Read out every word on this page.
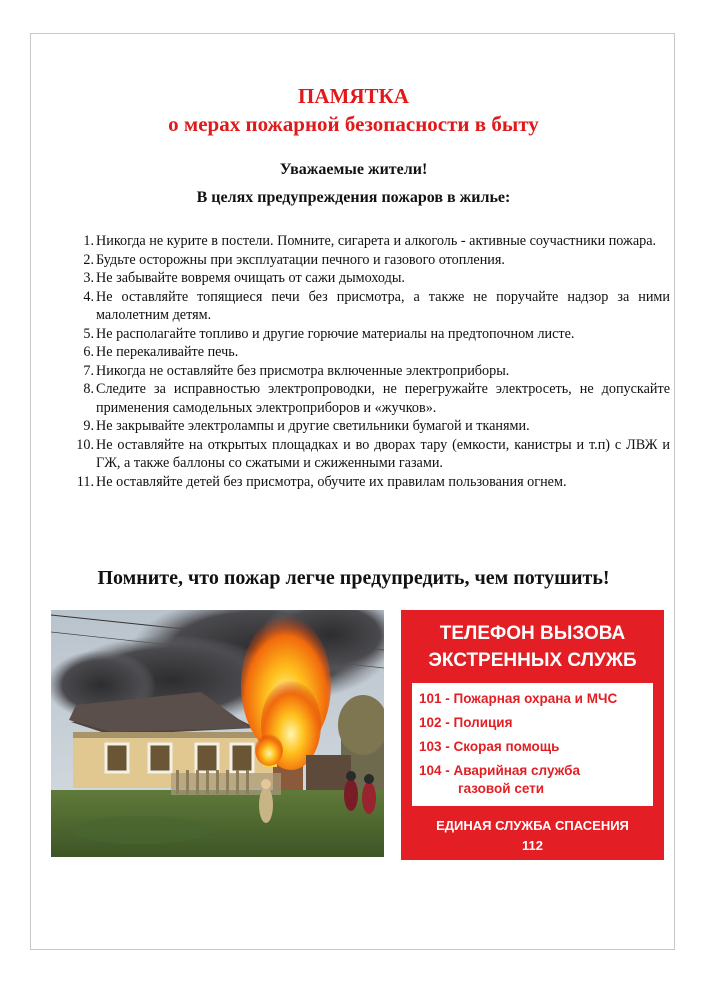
ПАМЯТКА
о мерах пожарной безопасности в быту
Уважаемые жители!
В целях предупреждения пожаров в жилье:
1. Никогда не курите в постели. Помните, сигарета и алкоголь - активные соучастники пожара.
2. Будьте осторожны при эксплуатации печного и газового отопления.
3. Не забывайте вовремя очищать от сажи дымоходы.
4. Не оставляйте топящиеся печи без присмотра, а также не поручайте надзор за ними малолетним детям.
5. Не располагайте топливо и другие горючие материалы на предтопочном листе.
6. Не перекаливайте печь.
7. Никогда не оставляйте без присмотра включенные электроприборы.
8. Следите за исправностью электропроводки, не перегружайте электросеть, не допускайте применения самодельных электроприборов и «жучков».
9. Не закрывайте электролампы и другие светильники бумагой и тканями.
10. Не оставляйте на открытых площадках и во дворах тару (емкости, канистры и т.п) с ЛВЖ и ГЖ, а также баллоны со сжатыми и сжиженными газами.
11. Не оставляйте детей без присмотра, обучите их правилам пользования огнем.
Помните, что пожар легче предупредить, чем потушить!
ТЕЛЕФОН ВЫЗОВА
ЭКСТРЕННЫХ СЛУЖБ
101 - Пожарная охрана и МЧС
102 - Полиция
103 - Скорая помощь
104 - Аварийная служба
газовой сети
ЕДИНАЯ СЛУЖБА СПАСЕНИЯ
112
